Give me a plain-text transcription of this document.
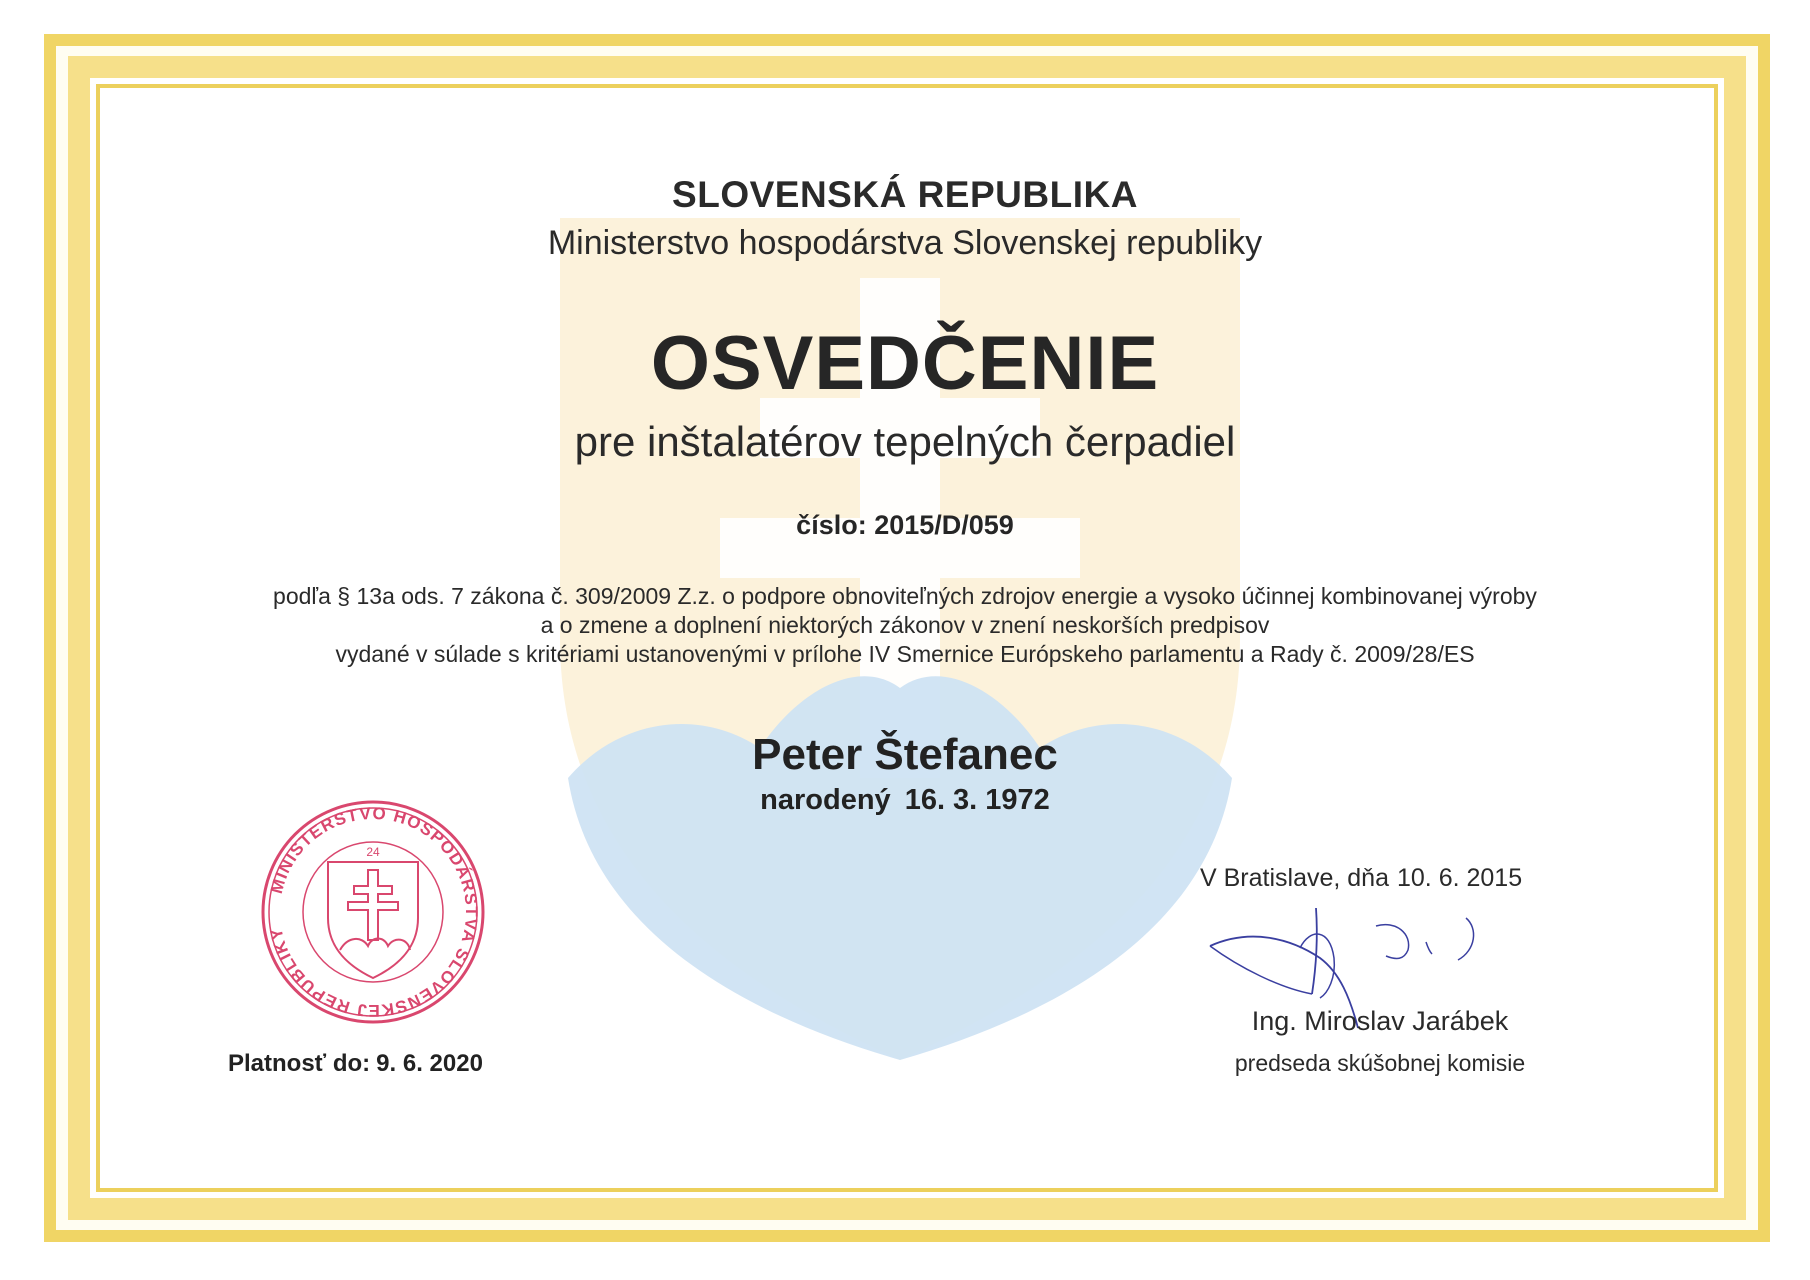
SLOVENSKÁ REPUBLIKA
Ministerstvo hospodárstva Slovenskej republiky
OSVEDČENIE
pre inštalatérov tepelných čerpadiel
číslo: 2015/D/059
podľa § 13a ods. 7 zákona č. 309/2009 Z.z. o podpore obnoviteľných zdrojov energie a vysoko účinnej kombinovanej výroby
a o zmene a doplnení niektorých zákonov v znení neskorších predpisov
vydané v súlade s kritériami ustanovenými v prílohe IV Smernice Európskeho parlamentu a Rady č. 2009/28/ES
Peter Štefanec
narodený 16. 3. 1972
MINISTERSTVO HOSPODÁRSTVA SLOVENSKEJ REPUBLIKY
24
Platnosť do: 9. 6. 2020
V Bratislave, dňa 10. 6. 2015
Ing. Miroslav Jarábek
predseda skúšobnej komisie
